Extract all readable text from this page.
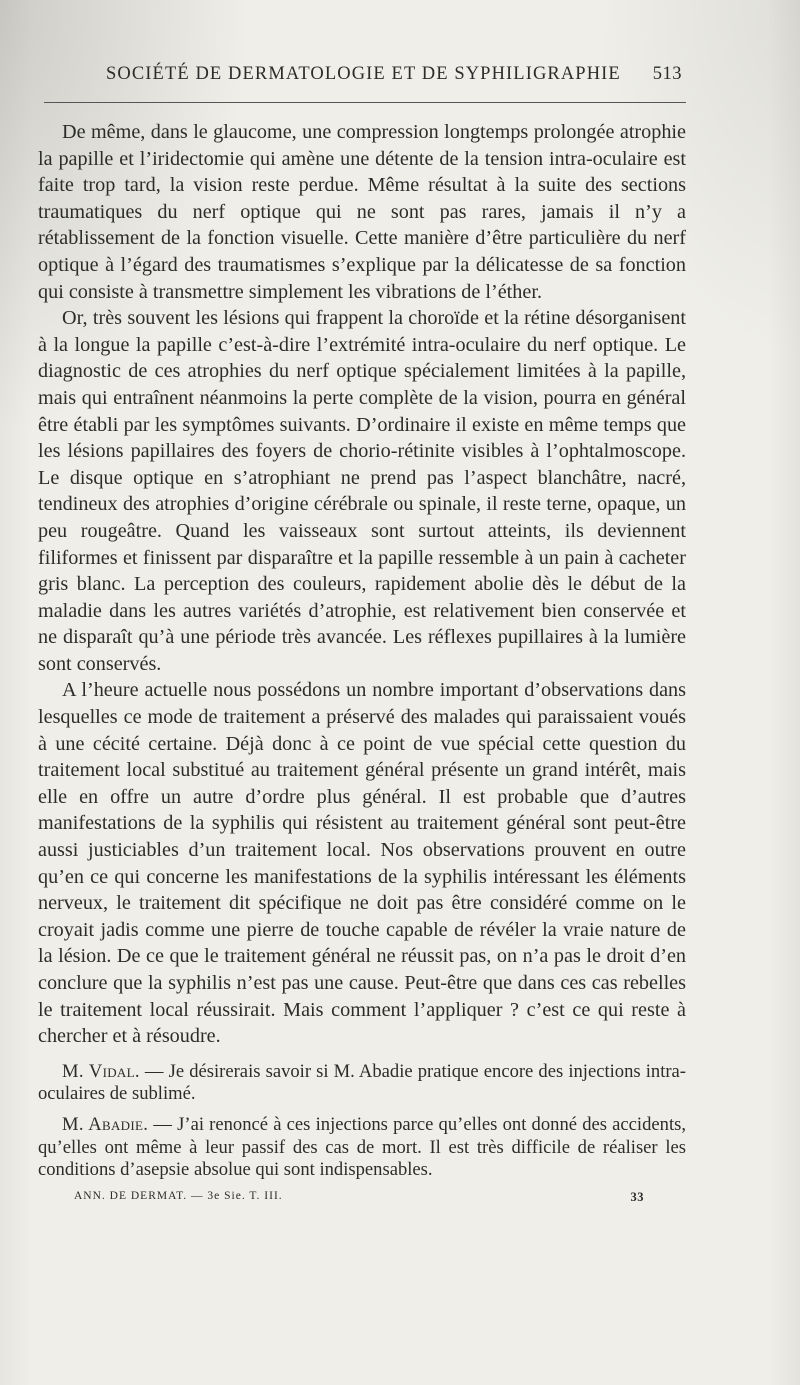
SOCIÉTÉ DE DERMATOLOGIE ET DE SYPHILIGRAPHIE 513

De même, dans le glaucome, une compression longtemps prolongée atrophie la papille et l’iridectomie qui amène une détente de la tension intra-oculaire est faite trop tard, la vision reste perdue. Même résultat à la suite des sections traumatiques du nerf optique qui ne sont pas rares, jamais il n’y a rétablissement de la fonction visuelle. Cette manière d’être particulière du nerf optique à l’égard des traumatismes s’explique par la délicatesse de sa fonction qui consiste à transmettre simplement les vibrations de l’éther.

Or, très souvent les lésions qui frappent la choroïde et la rétine désorganisent à la longue la papille c’est-à-dire l’extrémité intra-oculaire du nerf optique. Le diagnostic de ces atrophies du nerf optique spécialement limitées à la papille, mais qui entraînent néanmoins la perte complète de la vision, pourra en général être établi par les symptômes suivants. D’ordinaire il existe en même temps que les lésions papillaires des foyers de chorio-rétinite visibles à l’ophtalmoscope. Le disque optique en s’atrophiant ne prend pas l’aspect blanchâtre, nacré, tendineux des atrophies d’origine cérébrale ou spinale, il reste terne, opaque, un peu rougeâtre. Quand les vaisseaux sont surtout atteints, ils deviennent filiformes et finissent par disparaître et la papille ressemble à un pain à cacheter gris blanc. La perception des couleurs, rapidement abolie dès le début de la maladie dans les autres variétés d’atrophie, est relativement bien conservée et ne disparaît qu’à une période très avancée. Les réflexes pupillaires à la lumière sont conservés.

A l’heure actuelle nous possédons un nombre important d’observations dans lesquelles ce mode de traitement a préservé des malades qui paraissaient voués à une cécité certaine. Déjà donc à ce point de vue spécial cette question du traitement local substitué au traitement général présente un grand intérêt, mais elle en offre un autre d’ordre plus général. Il est probable que d’autres manifestations de la syphilis qui résistent au traitement général sont peut-être aussi justiciables d’un traitement local. Nos observations prouvent en outre qu’en ce qui concerne les manifestations de la syphilis intéressant les éléments nerveux, le traitement dit spécifique ne doit pas être considéré comme on le croyait jadis comme une pierre de touche capable de révéler la vraie nature de la lésion. De ce que le traitement général ne réussit pas, on n’a pas le droit d’en conclure que la syphilis n’est pas une cause. Peut-être que dans ces cas rebelles le traitement local réussirait. Mais comment l’appliquer ? c’est ce qui reste à chercher et à résoudre.

M. Vidal. — Je désirerais savoir si M. Abadie pratique encore des injections intra-oculaires de sublimé.

M. Abadie. — J’ai renoncé à ces injections parce qu’elles ont donné des accidents, qu’elles ont même à leur passif des cas de mort. Il est très difficile de réaliser les conditions d’asepsie absolue qui sont indispensables.

ANN. DE DERMAT. — 3e Sie. T. III.	33
